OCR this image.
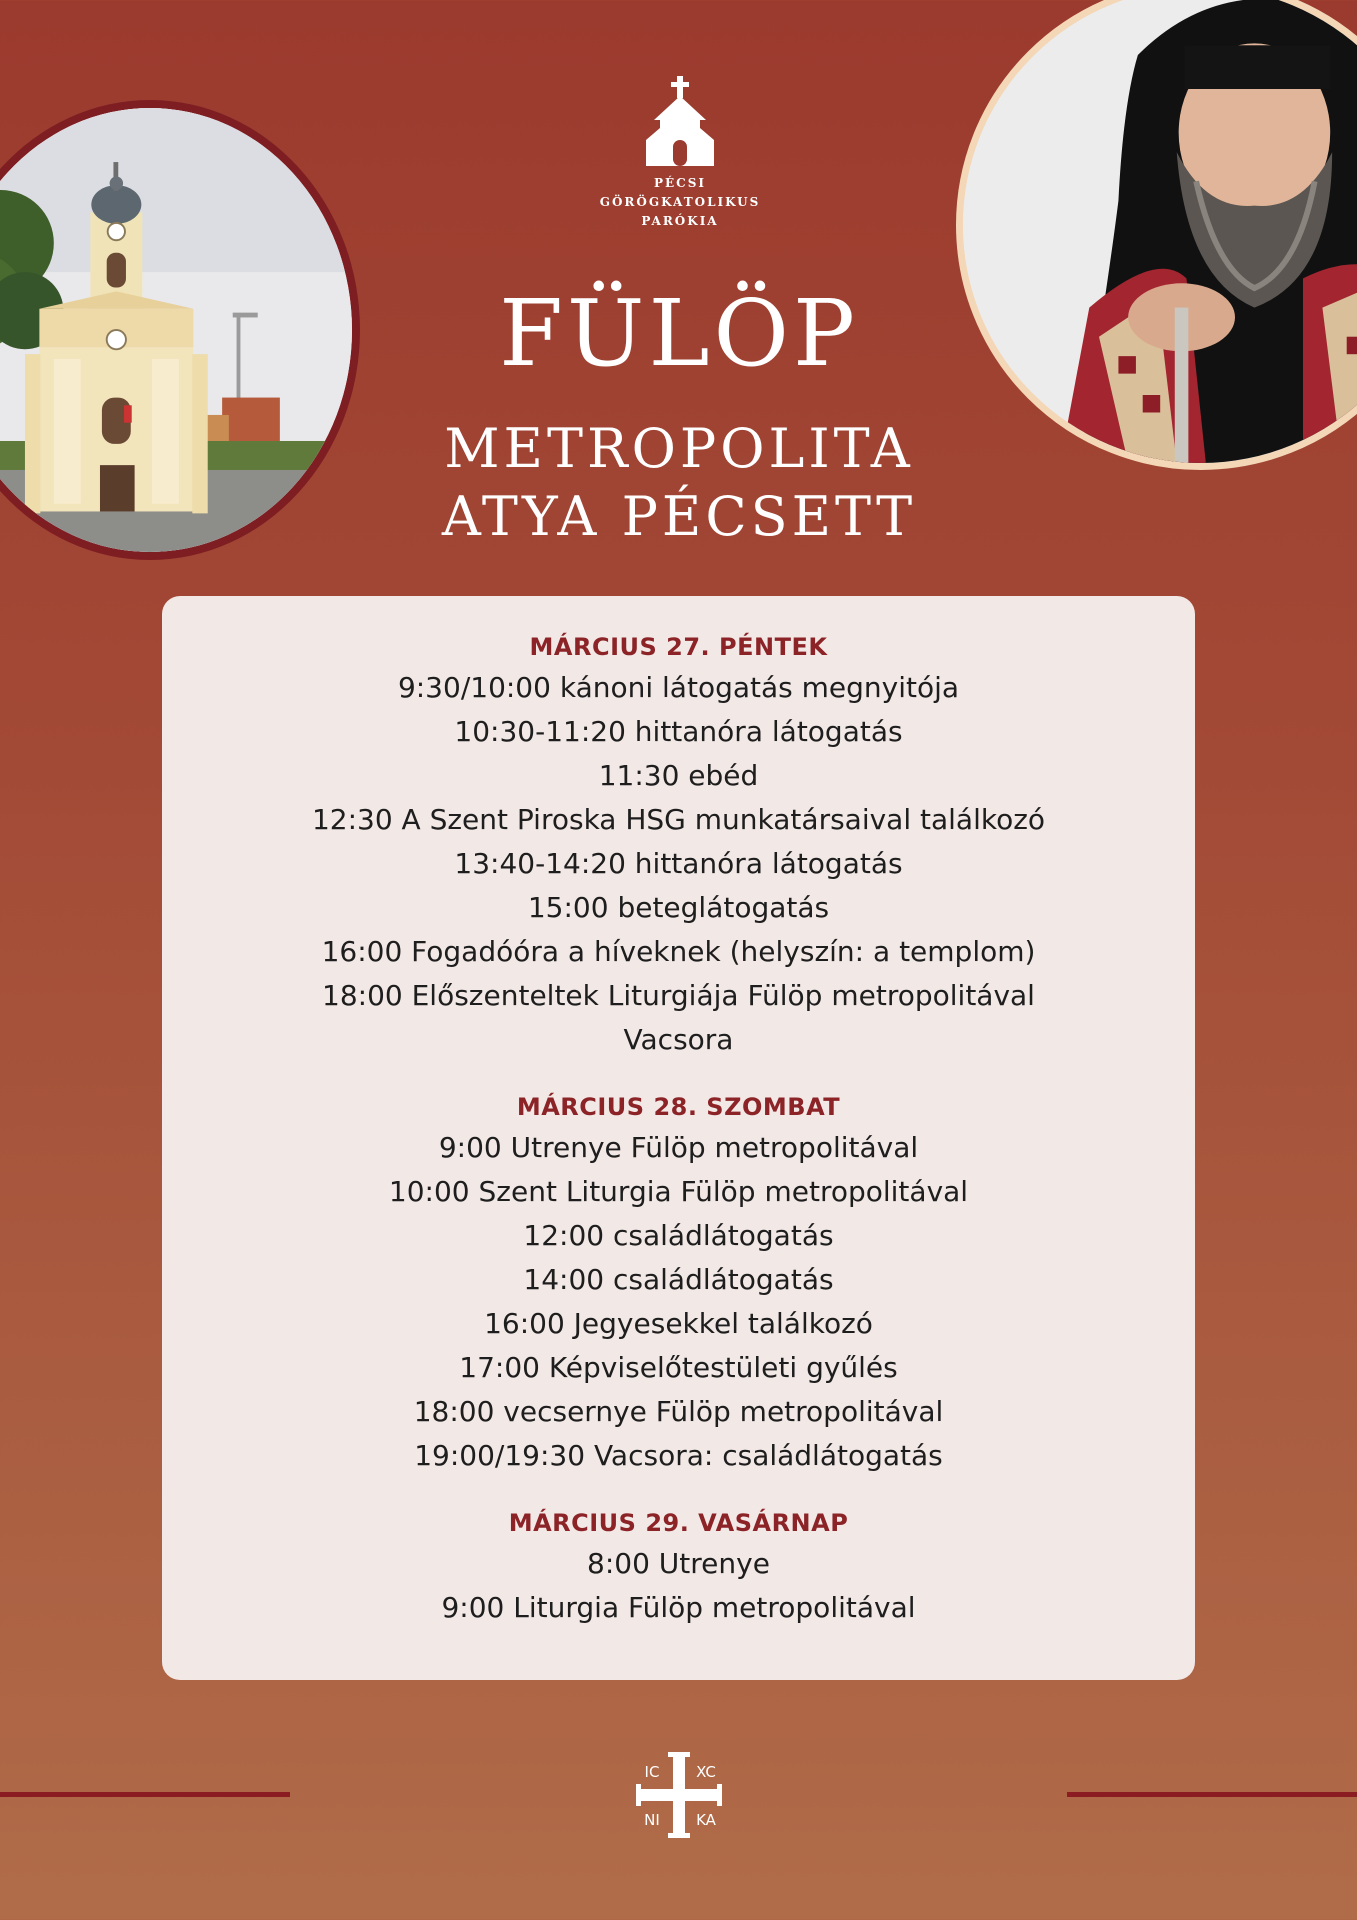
PÉCSI
GÖRÖGKATOLIKUS
PARÓKIA
FÜLÖP
METROPOLITA
ATYA PÉCSETT
MÁRCIUS 27. PÉNTEK
9:30/10:00 kánoni látogatás megnyitója
10:30-11:20 hittanóra látogatás
11:30 ebéd
12:30 A Szent Piroska HSG munkatársaival találkozó
13:40-14:20 hittanóra látogatás
15:00 beteglátogatás
16:00 Fogadóóra a híveknek (helyszín: a templom)
18:00 Előszenteltek Liturgiája Fülöp metropolitával
Vacsora
MÁRCIUS 28. SZOMBAT
9:00 Utrenye Fülöp metropolitával
10:00 Szent Liturgia Fülöp metropolitával
12:00 családlátogatás
14:00 családlátogatás
16:00 Jegyesekkel találkozó
17:00 Képviselőtestületi gyűlés
18:00 vecsernye Fülöp metropolitával
19:00/19:30 Vacsora: családlátogatás
MÁRCIUS 29. VASÁRNAP
8:00 Utrenye
9:00 Liturgia Fülöp metropolitával
IC XC
NI KA
